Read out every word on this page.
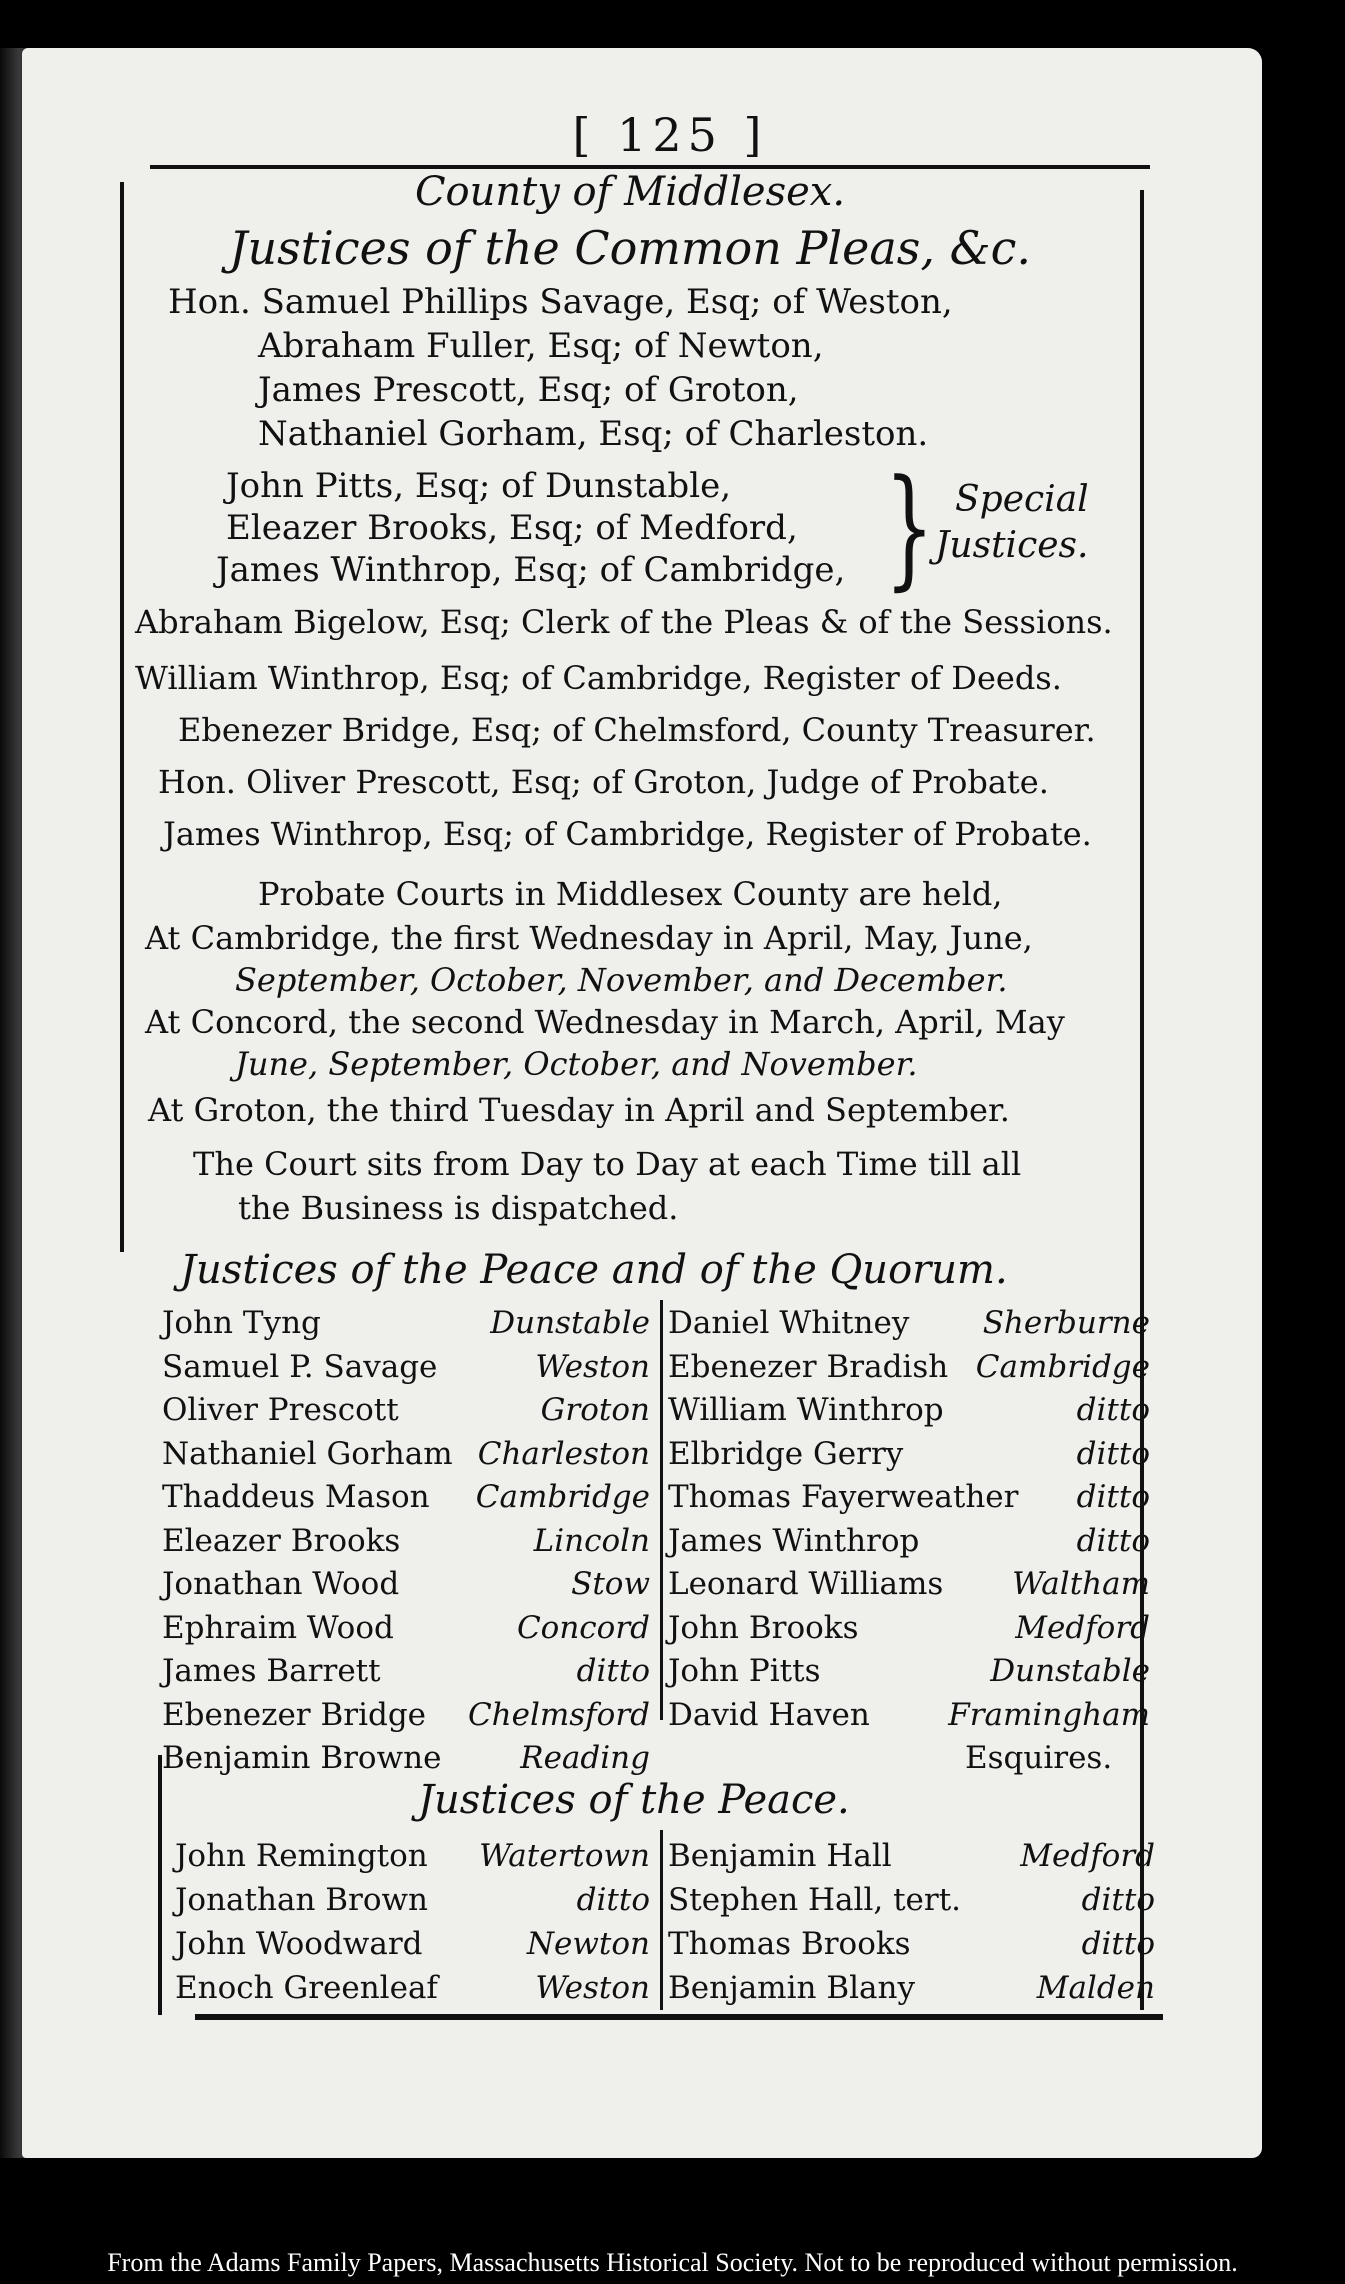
[ 125 ]
County of Middlesex.
Justices of the Common Pleas, &c.
Hon. Samuel Phillips Savage, Esq; of Weston,
Abraham Fuller, Esq; of Newton,
James Prescott, Esq; of Groton,
Nathaniel Gorham, Esq; of Charleston.
John Pitts, Esq; of Dunstable,
Eleazer Brooks, Esq; of Medford,
James Winthrop, Esq; of Cambridge, } Special
Justices.
Abraham Bigelow, Esq; Clerk of the Pleas & of the Sessions.
William Winthrop, Esq; of Cambridge, Register of Deeds.
Ebenezer Bridge, Esq; of Chelmsford, County Treasurer.
Hon. Oliver Prescott, Esq; of Groton, Judge of Probate.
James Winthrop, Esq; of Cambridge, Register of Probate.
Probate Courts in Middlesex County are held,
At Cambridge, the first Wednesday in April, May, June,
September, October, November, and December.
At Concord, the second Wednesday in March, April, May
June, September, October, and November.
At Groton, the third Tuesday in April and September.
The Court sits from Day to Day at each Time till all
the Business is dispatched.
Justices of the Peace and of the Quorum.
John Tyng	Dunstable
Samuel P. Savage	Weston
Oliver Prescott	Groton
Nathaniel Gorham Charleston
Thaddeus Mason	Cambridge
Eleazer Brooks	Lincoln
Jonathan Wood	Stow
Ephraim Wood	Concord
James Barrett	ditto
Ebenezer Bridge	Chelmsford
Benjamin Browne	Reading
Daniel Whitney	Sherburne
Ebenezer Bradish Cambridge
William Winthrop	ditto
Elbridge Gerry	ditto
Thomas Fayerweather	ditto
James Winthrop	ditto
Leonard Williams	Waltham
John Brooks	Medford
John Pitts	Dunstable
David Haven	Framingham
Esquires.
Justices of the Peace.
John Remington	Watertown
Jonathan Brown	ditto
John Woodward	Newton
Enoch Greenleaf	Weston
Benjamin Hall	Medford
Stephen Hall, tert.	ditto
Thomas Brooks	ditto
Benjamin Blany	Malden
From the Adams Family Papers, Massachusetts Historical Society. Not to be reproduced without permission.
